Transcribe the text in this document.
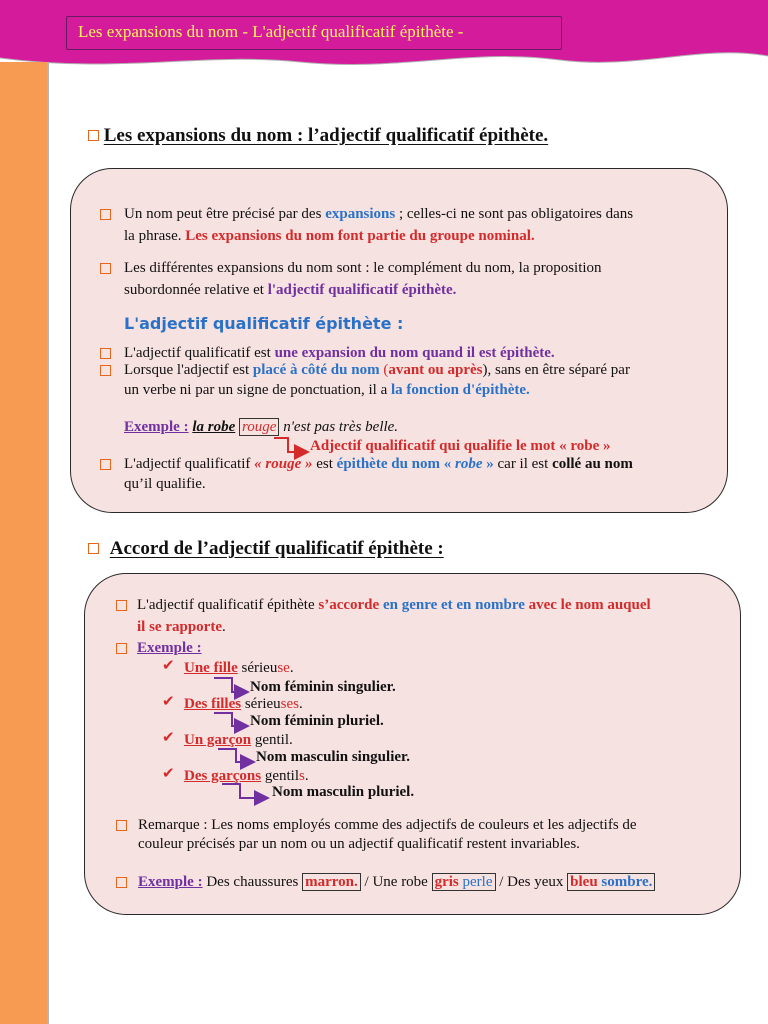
Les expansions du nom - L'adjectif qualificatif épithète -
Les expansions du nom : l’adjectif qualificatif épithète.
Un nom peut être précisé par des expansions ; celles-ci ne sont pas obligatoires dans
la phrase. Les expansions du nom font partie du groupe nominal.
Les différentes expansions du nom sont : le complément du nom, la proposition
subordonnée relative et l'adjectif qualificatif épithète.
L'adjectif qualificatif épithète :
L'adjectif qualificatif est une expansion du nom quand il est épithète.
Lorsque l'adjectif est placé à côté du nom (avant ou après), sans en être séparé par
un verbe ni par un signe de ponctuation, il a la fonction d'épithète.
Exemple : la robe rouge n'est pas très belle.
Adjectif qualificatif qui qualifie le mot « robe »
L'adjectif qualificatif « rouge » est épithète du nom « robe » car il est collé au nom
qu’il qualifie.
Accord de l’adjectif qualificatif épithète :
L'adjectif qualificatif épithète s’accorde en genre et en nombre avec le nom auquel
il se rapporte.
Exemple :
✔ Une fille sérieuse.
Nom féminin singulier.
✔ Des filles sérieuses.
Nom féminin pluriel.
✔ Un garçon gentil.
Nom masculin singulier.
✔ Des garçons gentils.
Nom masculin pluriel.
Remarque : Les noms employés comme des adjectifs de couleurs et les adjectifs de
couleur précisés par un nom ou un adjectif qualificatif restent invariables.
Exemple : Des chaussures marron. / Une robe gris perle / Des yeux bleu sombre.
